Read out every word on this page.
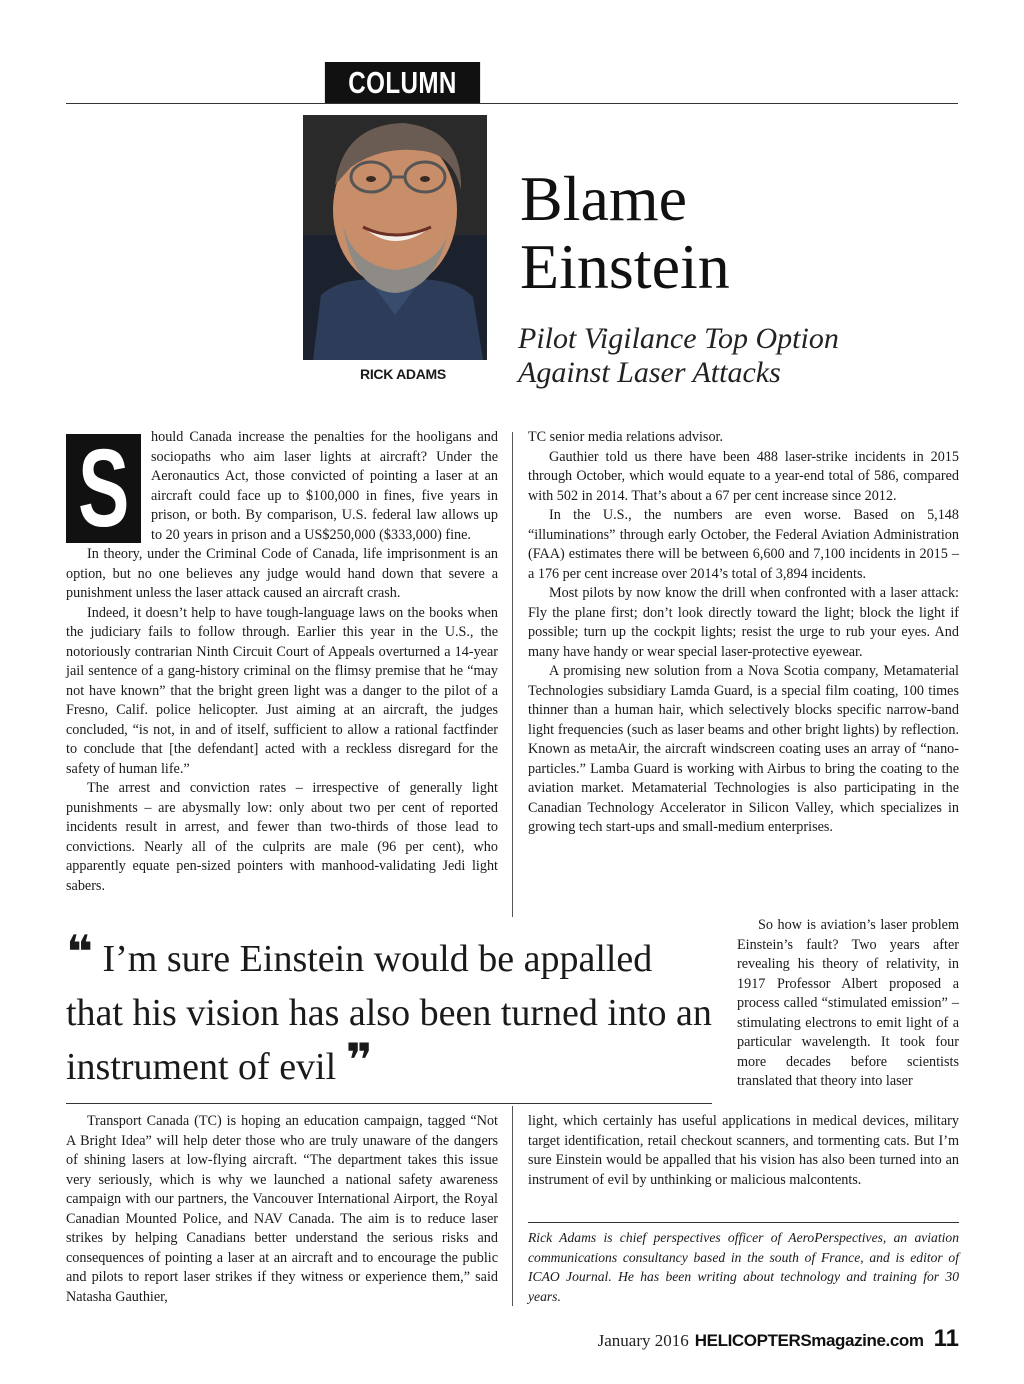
COLUMN
RICK ADAMS
Blame
Einstein
Pilot Vigilance Top Option
Against Laser Attacks
S	hould Canada increase the penalties for the hooligans and sociopaths who aim laser lights at aircraft? Under the Aeronautics Act, those convicted of pointing a laser at an aircraft could face up to $100,000 in fines, five years in prison, or both. By comparison, U.S. federal law allows up to 20 years in prison and a US$250,000 ($333,000) fine.

In theory, under the Criminal Code of Canada, life imprisonment is an option, but no one believes any judge would hand down that severe a punishment unless the laser attack caused an aircraft crash.

Indeed, it doesn’t help to have tough-language laws on the books when the judiciary fails to follow through. Earlier this year in the U.S., the notoriously contrarian Ninth Circuit Court of Appeals overturned a 14-year jail sentence of a gang-history criminal on the flimsy premise that he “may not have known” that the bright green light was a danger to the pilot of a Fresno, Calif. police helicopter. Just aiming at an aircraft, the judges concluded, “is not, in and of itself, sufficient to allow a rational factfinder to conclude that [the defendant] acted with a reckless disregard for the safety of human life.”

The arrest and conviction rates – irrespective of generally light punishments – are abysmally low: only about two per cent of reported incidents result in arrest, and fewer than two-thirds of those lead to convictions. Nearly all of the culprits are male (96 per cent), who apparently equate pen-sized pointers with manhood-validating Jedi light sabers.

TC senior media relations advisor.

Gauthier told us there have been 488 laser-strike incidents in 2015 through October, which would equate to a year-end total of 586, compared with 502 in 2014. That’s about a 67 per cent increase since 2012.

In the U.S., the numbers are even worse. Based on 5,148 “illuminations” through early October, the Federal Aviation Administration (FAA) estimates there will be between 6,600 and 7,100 incidents in 2015 – a 176 per cent increase over 2014’s total of 3,894 incidents.

Most pilots by now know the drill when confronted with a laser attack: Fly the plane first; don’t look directly toward the light; block the light if possible; turn up the cockpit lights; resist the urge to rub your eyes. And many have handy or wear special laser-protective eyewear.

A promising new solution from a Nova Scotia company, Metamaterial Technologies subsidiary Lamda Guard, is a special film coating, 100 times thinner than a human hair, which selectively blocks specific narrow-band light frequencies (such as laser beams and other bright lights) by reflection. Known as metaAir, the aircraft windscreen coating uses an array of “nano-particles.” Lamba Guard is working with Airbus to bring the coating to the aviation market. Metamaterial Technologies is also participating in the Canadian Technology Accelerator in Silicon Valley, which specializes in growing tech start-ups and small-medium enterprises.

So how is aviation’s laser problem Einstein’s fault? Two years after revealing his theory of relativity, in 1917 Professor Albert proposed a process called “stimulated emission” – stimulating electrons to emit light of a particular wavelength. It took four more decades before scientists translated that theory into laser

❝ I’m sure Einstein would be appalled that his vision has also been turned into an instrument of evil ❞

Transport Canada (TC) is hoping an education campaign, tagged “Not A Bright Idea” will help deter those who are truly unaware of the dangers of shining lasers at low-flying aircraft. “The department takes this issue very seriously, which is why we launched a national safety awareness campaign with our partners, the Vancouver International Airport, the Royal Canadian Mounted Police, and NAV Canada. The aim is to reduce laser strikes by helping Canadians better understand the serious risks and consequences of pointing a laser at an aircraft and to encourage the public and pilots to report laser strikes if they witness or experience them,” said Natasha Gauthier,

light, which certainly has useful applications in medical devices, military target identification, retail checkout scanners, and tormenting cats. But I’m sure Einstein would be appalled that his vision has also been turned into an instrument of evil by unthinking or malicious malcontents.

Rick Adams is chief perspectives officer of AeroPerspectives, an aviation communications consultancy based in the south of France, and is editor of ICAO Journal. He has been writing about technology and training for 30 years.
January 2016 HELICOPTERSmagazine.com 11
